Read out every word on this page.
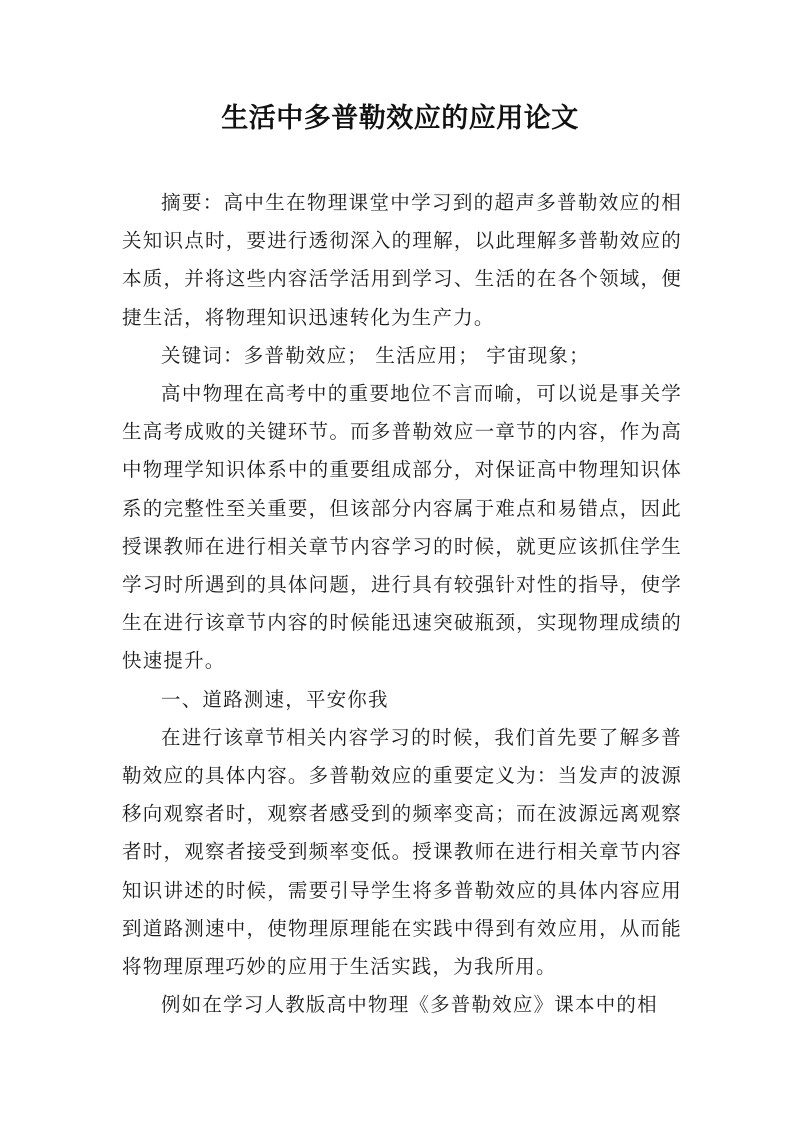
生活中多普勒效应的应用论文

摘要：高中生在物理课堂中学习到的超声多普勒效应的相关知识点时，要进行透彻深入的理解，以此理解多普勒效应的本质，并将这些内容活学活用到学习、生活的在各个领域，便捷生活，将物理知识迅速转化为生产力。

关键词：多普勒效应； 生活应用； 宇宙现象；

高中物理在高考中的重要地位不言而喻，可以说是事关学生高考成败的关键环节。而多普勒效应一章节的内容，作为高中物理学知识体系中的重要组成部分，对保证高中物理知识体系的完整性至关重要，但该部分内容属于难点和易错点，因此授课教师在进行相关章节内容学习的时候，就更应该抓住学生学习时所遇到的具体问题，进行具有较强针对性的指导，使学生在进行该章节内容的时候能迅速突破瓶颈，实现物理成绩的快速提升。

一、道路测速，平安你我

在进行该章节相关内容学习的时候，我们首先要了解多普勒效应的具体内容。多普勒效应的重要定义为：当发声的波源移向观察者时，观察者感受到的频率变高；而在波源远离观察者时，观察者接受到频率变低。授课教师在进行相关章节内容知识讲述的时候，需要引导学生将多普勒效应的具体内容应用到道路测速中，使物理原理能在实践中得到有效应用，从而能将物理原理巧妙的应用于生活实践，为我所用。

例如在学习人教版高中物理《多普勒效应》课本中的相
